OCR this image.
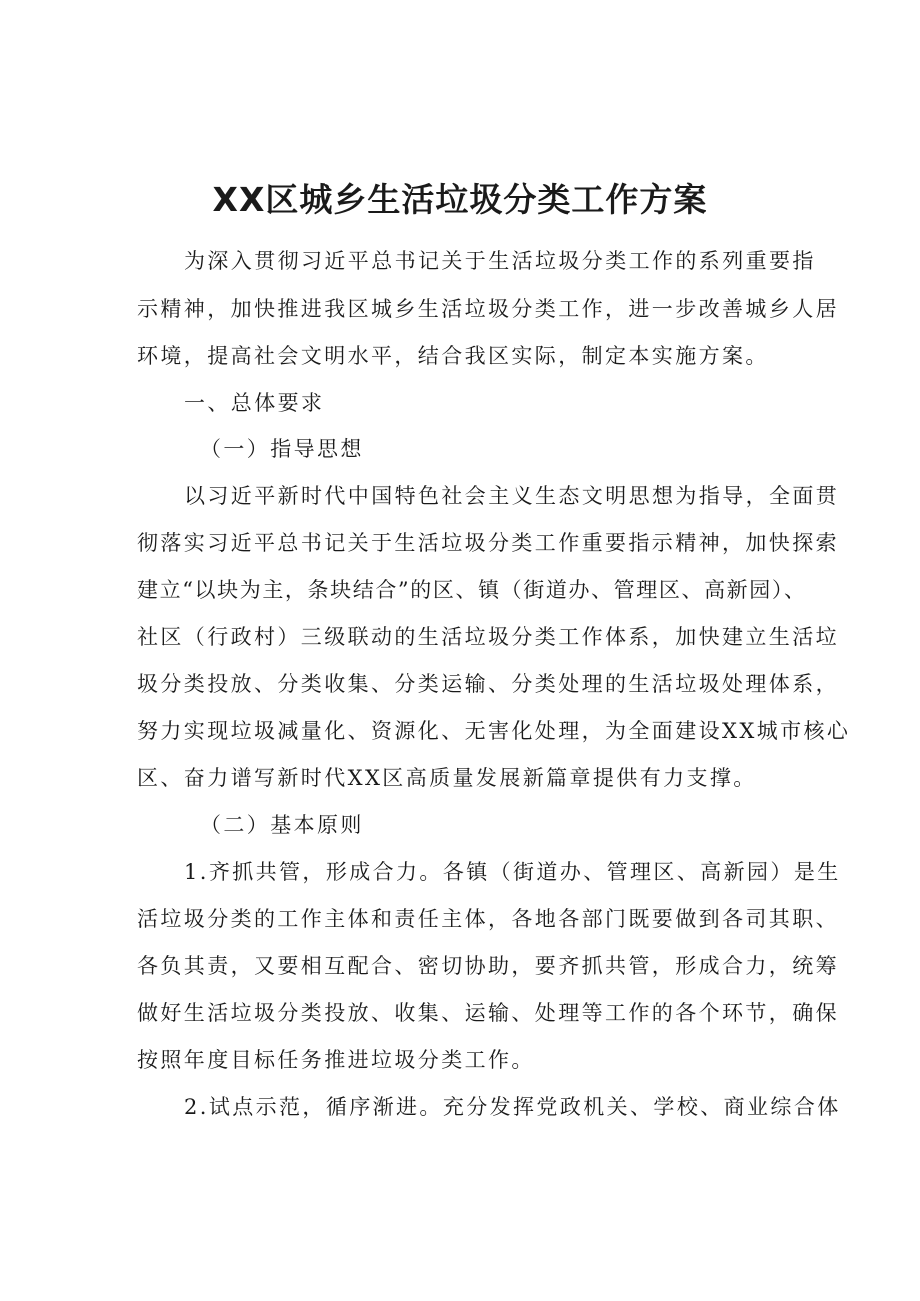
XX区城乡生活垃圾分类工作方案

为深入贯彻习近平总书记关于生活垃圾分类工作的系列重要指

示精神，加快推进我区城乡生活垃圾分类工作，进一步改善城乡人居

环境，提高社会文明水平，结合我区实际，制定本实施方案。

一、总体要求

（一）指导思想

以习近平新时代中国特色社会主义生态文明思想为指导，全面贯

彻落实习近平总书记关于生活垃圾分类工作重要指示精神，加快探索

建立“以块为主，条块结合”的区、镇（街道办、管理区、高新园）、

社区（行政村）三级联动的生活垃圾分类工作体系，加快建立生活垃

圾分类投放、分类收集、分类运输、分类处理的生活垃圾处理体系，

努力实现垃圾减量化、资源化、无害化处理，为全面建设XX城市核心

区、奋力谱写新时代XX区高质量发展新篇章提供有力支撑。

（二）基本原则

1.齐抓共管，形成合力。各镇（街道办、管理区、高新园）是生

活垃圾分类的工作主体和责任主体，各地各部门既要做到各司其职、

各负其责，又要相互配合、密切协助，要齐抓共管，形成合力，统筹

做好生活垃圾分类投放、收集、运输、处理等工作的各个环节，确保

按照年度目标任务推进垃圾分类工作。

2.试点示范，循序渐进。充分发挥党政机关、学校、商业综合体
